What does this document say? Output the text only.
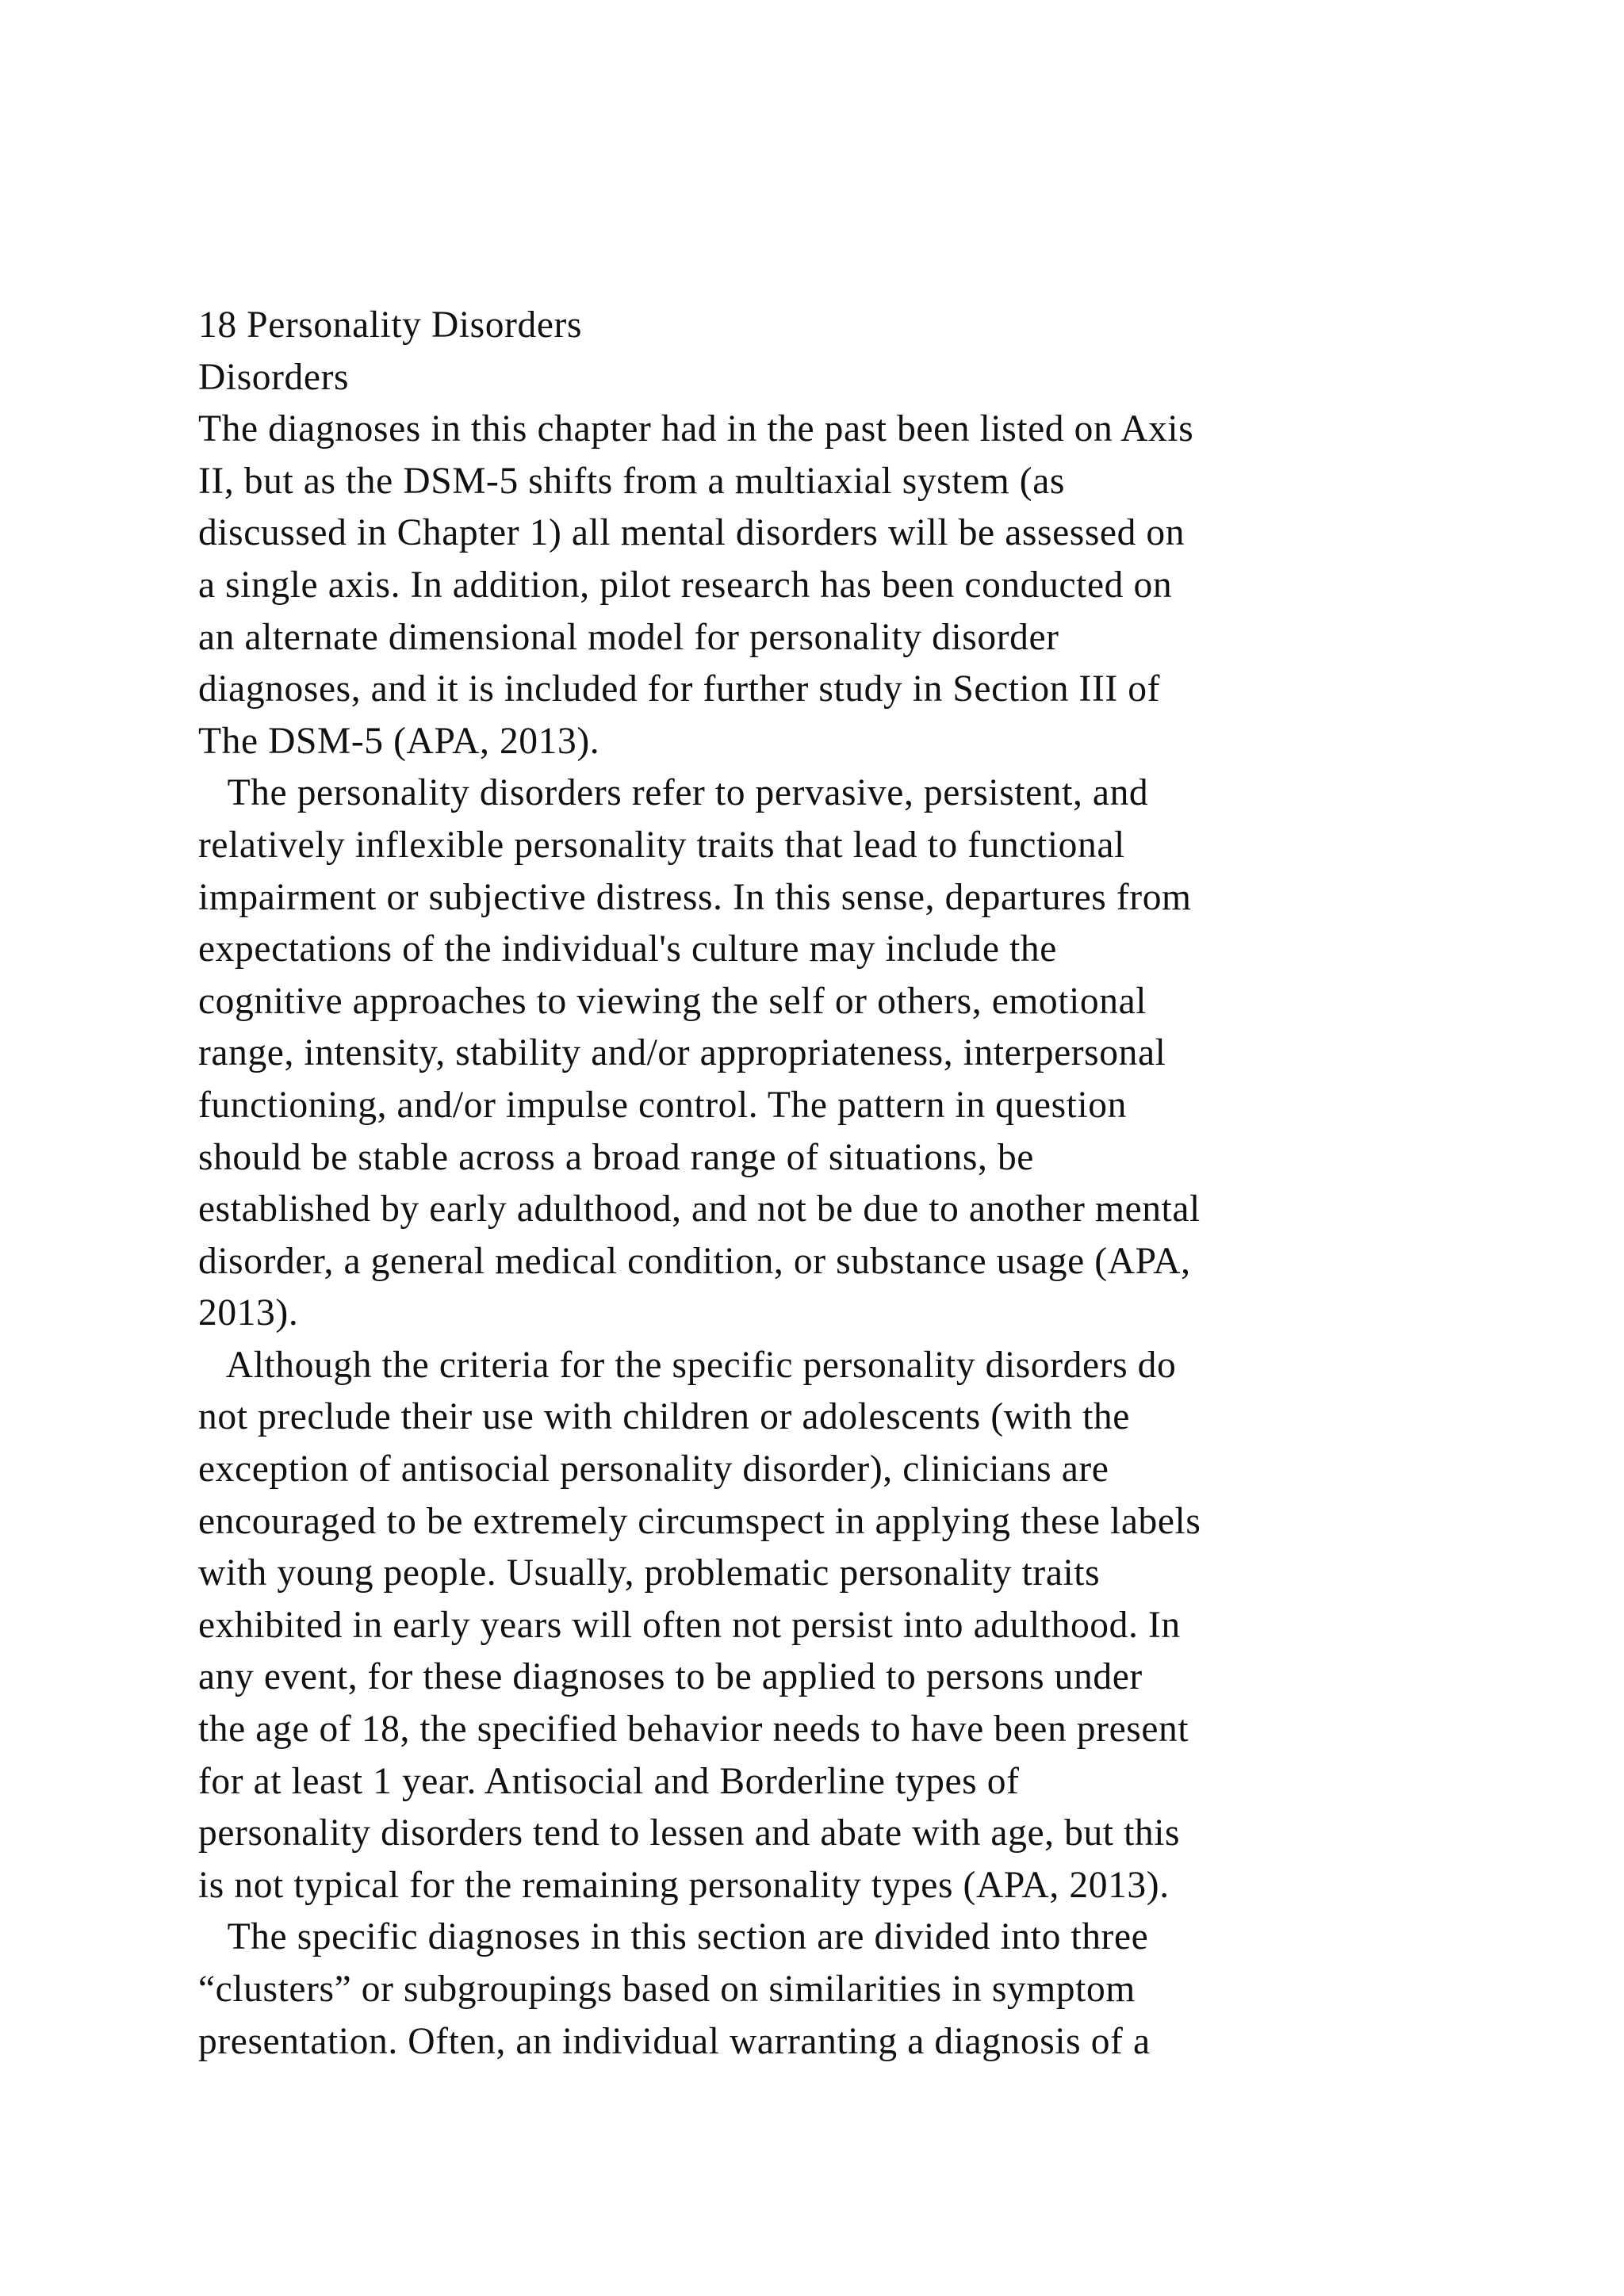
18 Personality Disorders
Disorders
The diagnoses in this chapter had in the past been listed on Axis
II, but as the DSM-5 shifts from a multiaxial system (as
discussed in Chapter 1) all mental disorders will be assessed on
a single axis. In addition, pilot research has been conducted on
an alternate dimensional model for personality disorder
diagnoses, and it is included for further study in Section III of
The DSM-5 (APA, 2013).
The personality disorders refer to pervasive, persistent, and
relatively inflexible personality traits that lead to functional
impairment or subjective distress. In this sense, departures from
expectations of the individual's culture may include the
cognitive approaches to viewing the self or others, emotional
range, intensity, stability and/or appropriateness, interpersonal
functioning, and/or impulse control. The pattern in question
should be stable across a broad range of situations, be
established by early adulthood, and not be due to another mental
disorder, a general medical condition, or substance usage (APA,
2013).
Although the criteria for the specific personality disorders do
not preclude their use with children or adolescents (with the
exception of antisocial personality disorder), clinicians are
encouraged to be extremely circumspect in applying these labels
with young people. Usually, problematic personality traits
exhibited in early years will often not persist into adulthood. In
any event, for these diagnoses to be applied to persons under
the age of 18, the specified behavior needs to have been present
for at least 1 year. Antisocial and Borderline types of
personality disorders tend to lessen and abate with age, but this
is not typical for the remaining personality types (APA, 2013).
The specific diagnoses in this section are divided into three
“clusters” or subgroupings based on similarities in symptom
presentation. Often, an individual warranting a diagnosis of a
